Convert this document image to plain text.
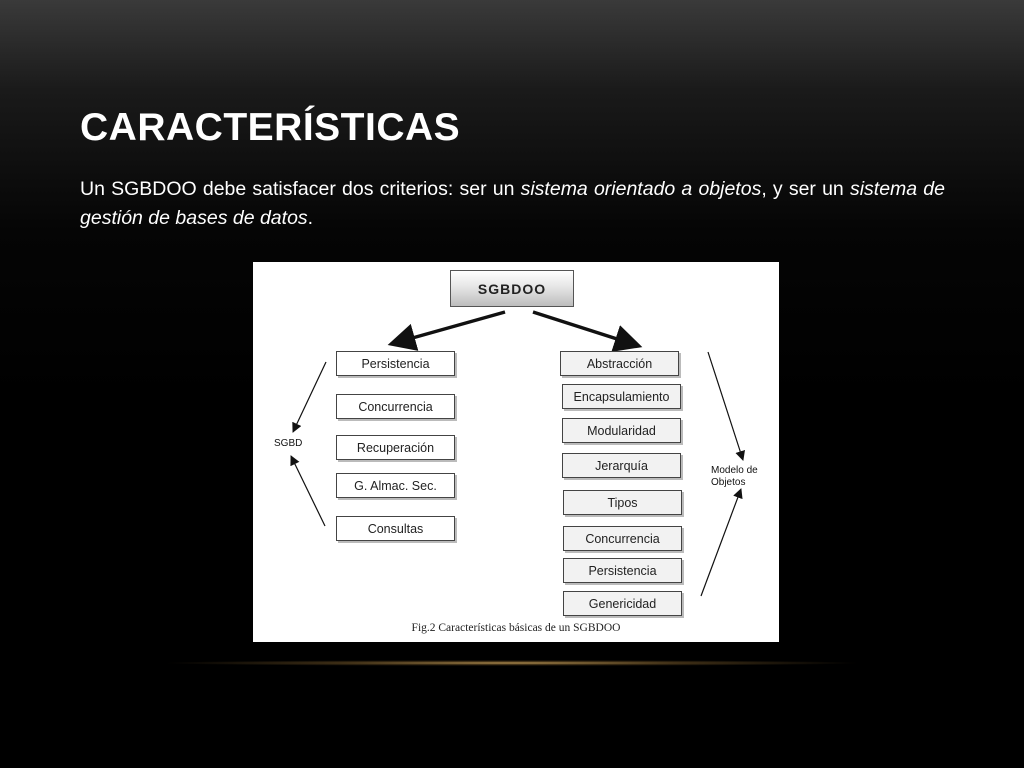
CARACTERÍSTICAS

Un SGBDOO debe satisfacer dos criterios: ser un sistema orientado a objetos, y ser un sistema de gestión de bases de datos.

SGBDOO
Persistencia
Concurrencia
Recuperación
G. Almac. Sec.
Consultas
Abstracción
Encapsulamiento
Modularidad
Jerarquía
Tipos
Concurrencia
Persistencia
Genericidad
SGBD
Modelo de
Objetos
Fig.2 Características básicas de un SGBDOO
